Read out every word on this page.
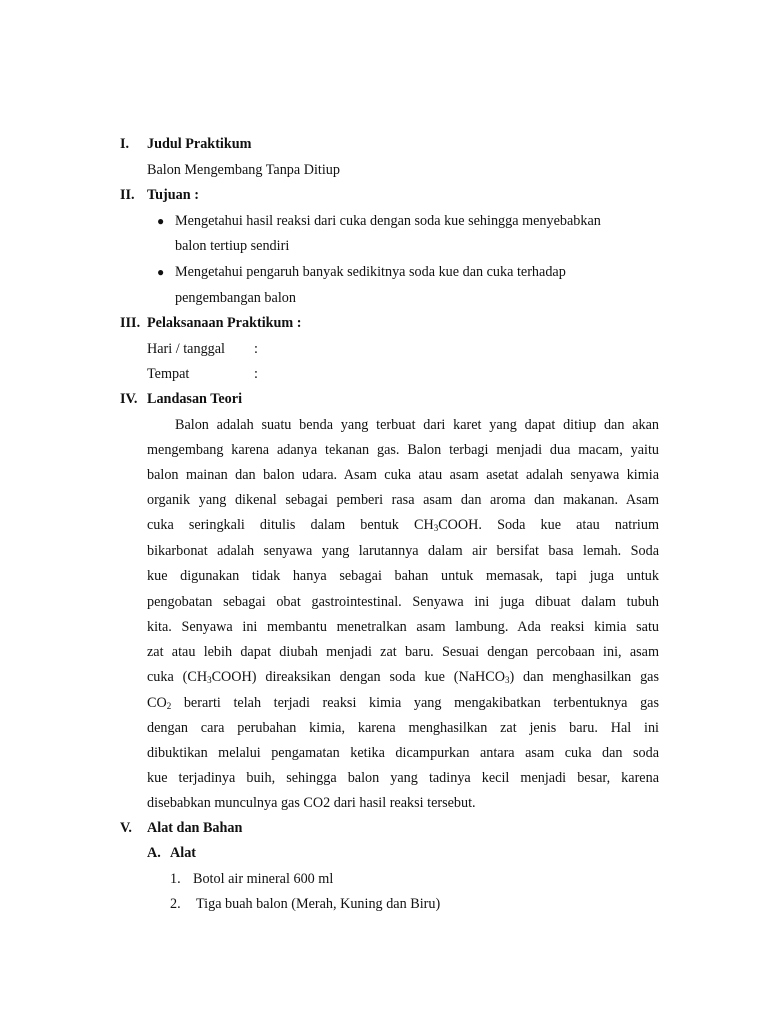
I. Judul Praktikum
Balon Mengembang Tanpa Ditiup
II. Tujuan :
● Mengetahui hasil reaksi dari cuka dengan soda kue sehingga menyebabkan
balon tertiup sendiri
● Mengetahui pengaruh banyak sedikitnya soda kue dan cuka terhadap
pengembangan balon
III. Pelaksanaan Praktikum :
Hari / tanggal :
Tempat	:
IV. Landasan Teori
Balon adalah suatu benda yang terbuat dari karet yang dapat ditiup dan akan
mengembang karena adanya tekanan gas. Balon terbagi menjadi dua macam, yaitu
balon mainan dan balon udara. Asam cuka atau asam asetat adalah senyawa kimia
organik yang dikenal sebagai pemberi rasa asam dan aroma dan makanan. Asam
cuka seringkali ditulis dalam bentuk $CH_3COOH$. Soda kue atau natrium
bikarbonat adalah senyawa yang larutannya dalam air bersifat basa lemah. Soda
kue digunakan tidak hanya sebagai bahan untuk memasak, tapi juga untuk
pengobatan sebagai obat gastrointestinal. Senyawa ini juga dibuat dalam tubuh
kita. Senyawa ini membantu menetralkan asam lambung. Ada reaksi kimia satu
zat atau lebih dapat diubah menjadi zat baru. Sesuai dengan percobaan ini, asam
cuka $(CH_3COOH)$ direaksikan dengan soda kue (NaHCO$_3$) dan menghasilkan gas
$CO_2$ berarti telah terjadi reaksi kimia yang mengakibatkan terbentuknya gas
dengan cara perubahan kimia, karena menghasilkan zat jenis baru. Hal ini
dibuktikan melalui pengamatan ketika dicampurkan antara asam cuka dan soda
kue terjadinya buih, sehingga balon yang tadinya kecil menjadi besar, karena
disebabkan munculnya gas CO2 dari hasil reaksi tersebut.
V. Alat dan Bahan
A. Alat
1. Botol air mineral 600 ml
2. Tiga buah balon (Merah, Kuning dan Biru)
